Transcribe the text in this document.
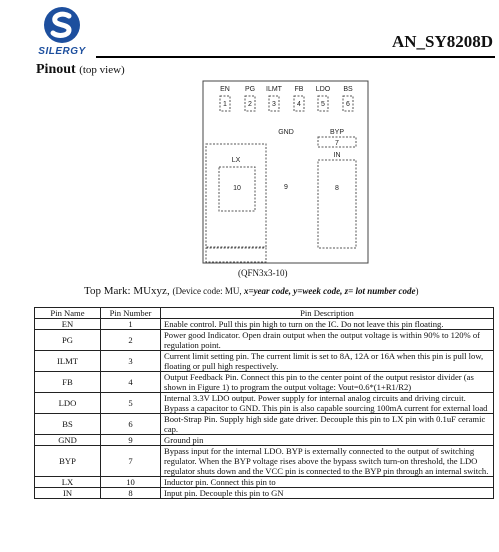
SILERGY
AN_SY8208D
Pinout (top view)
EN
1
PG
2
ILMT
3
FB
4
LDO
5
BS
6
GND
9
BYP
7
LX
10
IN
8
(QFN3x3-10)
Top Mark: MUxyz, (Device code: MU, x=year code, y=week code, z= lot number code)
Pin Name	Pin Number	Pin Description
EN	1	Enable control. Pull this pin high to turn on the IC. Do not leave this pin floating.
PG	2	Power good Indicator. Open drain output when the output voltage is within 90% to 120% of regulation point.
ILMT	3	Current limit setting pin. The current limit is set to 8A, 12A or 16A when this pin is pull low, floating or pull high respectively.
FB	4	Output Feedback Pin. Connect this pin to the center point of the output resistor divider (as shown in Figure 1) to program the output voltage: Vout=0.6*(1+R1/R2)
LDO	5	Internal 3.3V LDO output. Power supply for internal analog circuits and driving circuit. Bypass a capacitor to GND. This pin is also capable sourcing 100mA current for external load
BS	6	Boot-Strap Pin. Supply high side gate driver. Decouple this pin to LX pin with 0.1uF ceramic cap.
GND	9	Ground pin
BYP	7	Bypass input for the internal LDO. BYP is externally connected to the output of switching regulator. When the BYP voltage rises above the bypass switch turn-on threshold, the LDO regulator shuts down and the VCC pin is connected to the BYP pin through an internal switch.
LX	10	Inductor pin. Connect this pin to
IN	8	Input pin. Decouple this pin to GN
